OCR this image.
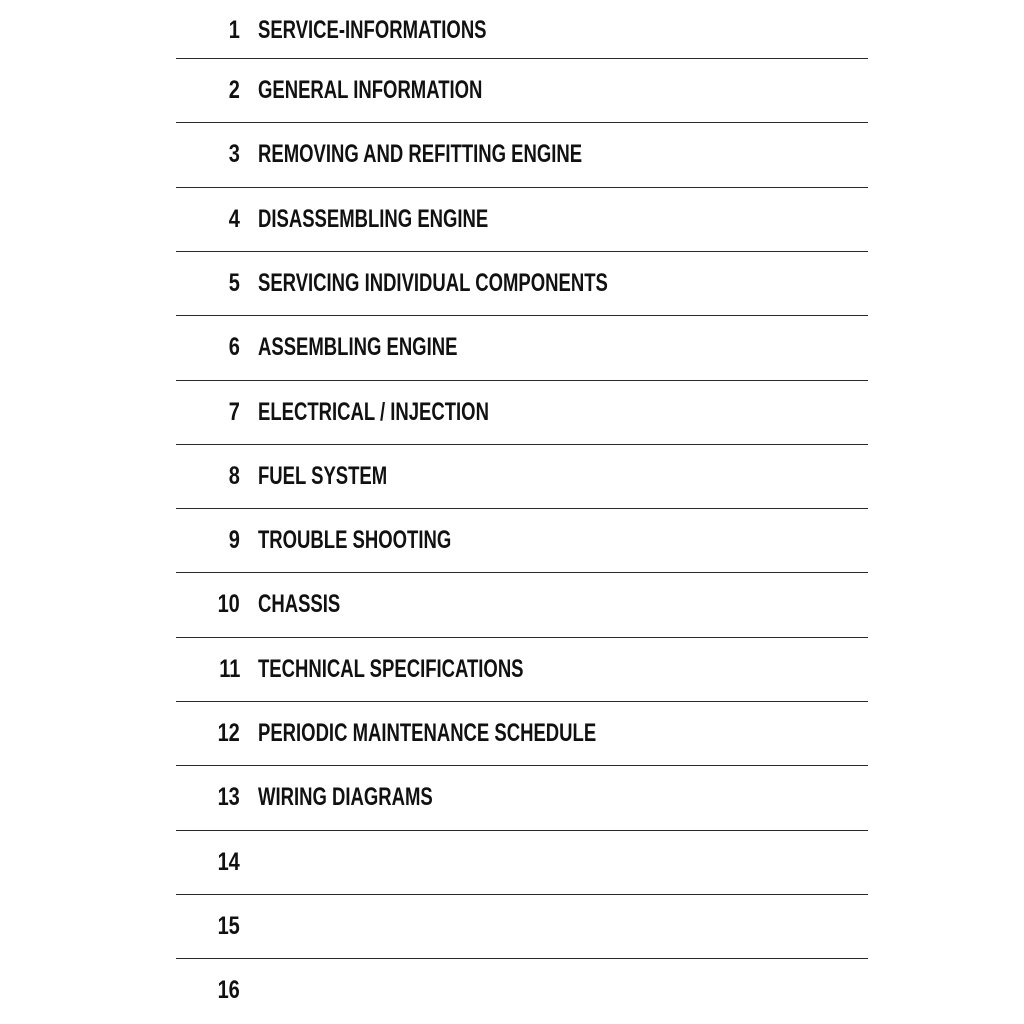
1 SERVICE-INFORMATIONS
2 GENERAL INFORMATION
3 REMOVING AND REFITTING ENGINE
4 DISASSEMBLING ENGINE
5 SERVICING INDIVIDUAL COMPONENTS
6 ASSEMBLING ENGINE
7 ELECTRICAL / INJECTION
8 FUEL SYSTEM
9 TROUBLE SHOOTING
10 CHASSIS
11 TECHNICAL SPECIFICATIONS
12 PERIODIC MAINTENANCE SCHEDULE
13 WIRING DIAGRAMS
14
15
16
